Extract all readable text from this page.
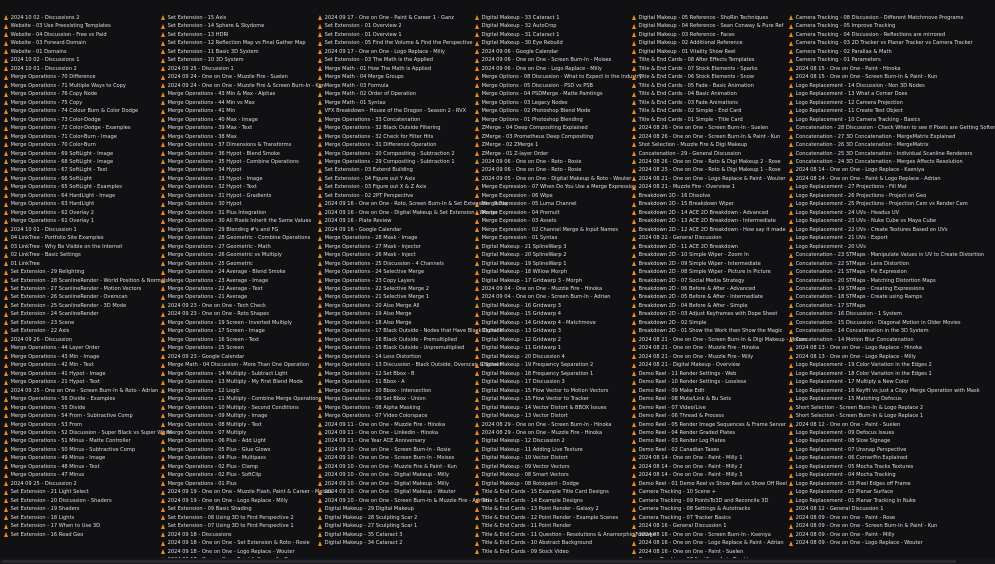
2024 10 02 - Discussions 2
Website - 03 Use Preexisting Templates
Website - 04 Discussion - Free vs Paid
Website - 03 Forward Domain
Website - 01 Domains
2024 10 02 - Discussions 1
2024 10 01 - Discussion 2
Merge Operations - 70 Difference
Merge Operations - 71 Multiple Ways to Copy
Merge Operations - 76 Copy Node
Merge Operations - 75 Copy
Merge Operations - 74 Colour Burn & Color Dodge
Merge Operations - 73 Color-Dodge
Merge Operations - 72 Color-Dodge - Examples
Merge Operations - 71 Color-Burn - Image
Merge Operations - 70 Color-Burn
Merge Operations - 69 SoftLight - Image
Merge Operations - 68 SoftLight - Image
Merge Operations - 67 SoftLight - Text
Merge Operations - 66 SoftLight
Merge Operations - 65 SoftLight - Examples
Merge Operations - 64 HardLight - Image
Merge Operations - 63 HardLight
Merge Operations - 62 Overlay 2
Merge Operations - 61 Overlay 1
2024 10 01 - Discussion 1
04 LinkTree - Portfolio Site Examples
03 LinkTree - Why Be Visible on the Internet
02 LinkTree - Basic Settings
01 LinkTree
Set Extension - 29 Relighting
Set Extension - 28 ScanlineRender - World Position & Normals
Set Extension - 27 ScanlineRender - Motion Vectors
Set Extension - 26 ScanlineRender - Overscan
Set Extension - 25 ScanlineRender - 3D Mode
Set Extension - 24 ScanlineRender
Set Extension - 23 Scene
Set Extension - 22 Axis
2024 09 26 - Discussion
Merge Operations - 44 Layer Order
Merge Operations - 43 Min - Image
Merge Operations - 42 Min - Text
Merge Operations - 41 Hypot - Image
Merge Operations - 21 Hypot - Text
2024 09 25 - One on One - Screen Burn-In & Roto - Adrian
Merge Operations - 56 Divide - Examples
Merge Operations - 55 Divide
Merge Operations - 54 From - Subtractive Comp
Merge Operations - 53 From
Merge Operations - 52 Discussion - Super Black vs Super White
Merge Operations - 51 Minus - Matte Controller
Merge Operations - 50 Minus - Subtractive Comp
Merge Operations - 49 Minus - Image
Merge Operations - 48 Minus - Text
Merge Operations - 47 Minus
2024 09 25 - Discussion 2
Set Extension - 21 Light Select
Set Extension - 20 Discussion - Shaders
Set Extension - 19 Shaders
Set Extension - 18 Lights
Set Extension - 17 When to Use 3D
Set Extension - 16 Read Geo
Set Extension - 15 Axis
Set Extension - 14 Sphere & Skydome
Set Extension - 13 HDRI
Set Extension - 12 Reflection Map vs Final Gather Map
Set Extension - 11 Basic 3D System
Set Extension - 10 3D System
2024 09 25 - Discussion 1
2024 09 24 - One on One - Muzzle Fire - Suelen
2024 09 24 - One on One - Muzzle Fire & Screen Burn-In - Kun
Merge Operations - 43 Min & Max - Alphas
Merge Operations - 44 Min vs Max
Merge Operations - 41 Min
Merge Operations - 40 Max - Image
Merge Operations - 39 Max - Text
Merge Operations - 38 Max
Merge Operations - 37 Dimensions & Transforms
Merge Operations - 36 Hypot - Blend Smoke
Merge Operations - 35 Hypot - Combine Operations
Merge Operations - 34 Hypot
Merge Operations - 33 Hypot - Image
Merge Operations - 32 Hypot - Text
Merge Operations - 31 Hypot - Gradients
Merge Operations - 30 Hypot
Merge Operations - 31 Plus Integration
Merge Operations - 30 All Pixels Inherit the Same Values
Merge Operations - 29 Blending #'s and FG
Merge Operations - 28 Geometric - Combine Operations
Merge Operations - 27 Geometric - Math
Merge Operations - 26 Geometric vs Multiply
Merge Operations - 25 Geometric
Merge Operations - 24 Average - Blend Smoke
Merge Operations - 23 Average - Image
Merge Operations - 22 Average - Text
Merge Operations - 21 Average
2024 09 23 - One on One - Tech Check
2024 09 23 - One on One - Roto Shapes
Merge Operations - 19 Screen - Inverted Multiply
Merge Operations - 17 Screen - Image
Merge Operations - 16 Screen - Text
Merge Operations - 15 Screen
2024 09 23 - Google Calendar
Merge Math - 04 Discussion - More Than One Operation
Merge Operations - 14 Multiply - Subtract Light
Merge Operations - 13 Multiply - My First Blend Mode
Merge Operations - 12 Logic
Merge Operations - 11 Multiply - Combine Merge Operations
Merge Operations - 10 Multiply - Second Conditions
Merge Operations - 09 Multiply - Image
Merge Operations - 08 Multiply - Text
Merge Operations - 07 Multiply
Merge Operations - 06 Plus - Add Light
Merge Operations - 05 Plus - Glue Glows
Merge Operations - 04 Plus - Multipass
Merge Operations - 02 Plus - Clamp
Merge Operations - 02 Plus - SoftClip
Merge Operations - 01 Plus
2024 09 19 - One on One - Muzzle Flash, Paint & Career - Moises
2024 09 19 - One on One - Logo Replace - Milly
Set Extension - 09 Basic Shading
Set Extension - 08 Using 3D to Find Perspective 2
Set Extension - 07 Using 3D to Find Perspective 1
2024 09 18 - Discussions
2024 09 18 - One on One - Set Extension & Roto - Rosie
2024 09 18 - One on One - Logo Replace - Wouter
2024 09 17 - One on One - Paint & Career 1 - Ganz
Set Extension - 01 Overview 2
Set Extension - 01 Overview 1
Set Extension - 05 Find the Volume & Find the Perspective
2024 09 17 - One on One - Logo Replace - Milly
Set Extension - 03 The Math is the Applied
Merge Math - 01 How The Math is Applied
Merge Math - 04 Merge Groups
Merge Math - 03 Formula
Merge Math - 02 Order of Operation
Merge Math - 01 Syntax
VFX Breakdown - House of the Dragon - Season 2 - RVX
Merge Operations - 33 Concatenation
Merge Operations - 32 Black Outside Filtering
Merge Operations - 32 Check for Filter Hits
Merge Operations - 31 Difference Operation
Merge Operations - 20 Compositing - Subtraction 2
Merge Operations - 29 Compositing - Subtraction 1
Set Extension - 03 Extend Building
Set Extension - 04 Figure out Y Axis
Set Extension - 03 Figure out X & Z Axis
Set Extension - 02 2PT Perspective
2024 09 16 - One on One - Roto, Screen Burn-In & Set Extension - Rosie
2024 09 16 - One on One - Digital Makeup & Set Extension - Wouter
2024 09 16 - Plate Review
2024 09 16 - Google Calendar
Merge Operations - 28 Mask - Image
Merge Operations - 27 Mask - Injector
Merge Operations - 26 Mask - Inject
Merge Operations - 25 Discussion - 4 Channels
Merge Operations - 24 Selective Merge
Merge Operations - 23 Copy Layers
Merge Operations - 22 Selective Merge 2
Merge Operations - 21 Selective Merge 1
Merge Operations - 20 Also Merge All
Merge Operations - 19 Also Merge
Merge Operations - 18 Also Merge
Merge Operations - 17 Black Outside - Nodes that Have Black Outside
Merge Operations - 16 Black Outside - Premultiplied
Merge Operations - 15 Black Outside - Unpremultiplied
Merge Operations - 14 Less Distortion
Merge Operations - 13 Discussion - Black Outside, Overscan & Screen
Merge Operations - 12 Set Bbox - B
Merge Operations - 11 Bbox - A
Merge Operations - 10 Bbox - Intersection
Merge Operations - 09 Set Bbox - Union
Merge Operations - 08 Alpha Masking
Merge Operations - 07 Video Colorspace
2024 09 11 - One on One - Muzzle Fire - Hinoka
2024 09 11 - One on One - Linkedin - Hinoka
2024 09 11 - One Year ACE Anniversary
2024 09 10 - One on One - Screen Burn-In - Rosie
2024 09 10 - One on One - Screen Burn-In - Moises
2024 09 10 - One on One - Muzzle Fire & Paint - Kun
2024 09 10 - One on One - Digital Makeup - Milly
2024 09 10 - One on One - Digital Makeup - Milly
2024 09 10 - One on One - Digital Makeup - Wouter
2024 09 10 - One on One - Screen Burn-In & Muzzle Fire - Adrian
Digital Makeup - 29 Digital Makeup
Digital Makeup - 28 Sculpting Scar 2
Digital Makeup - 27 Sculpting Scar 1
Digital Makeup - 35 Cataract 3
Digital Makeup - 34 Cataract 2
Digital Makeup - 33 Cataract 1
Digital Makeup - 32 AutoCrop
Digital Makeup - 31 Cataract 1
Digital Makeup - 30 Eye Rebuild
2024 09 06 - Google Calendar
2024 09 06 - One on One - Screen Burn-In - Moises
2024 09 06 - One on One - Logo Replace - Milly
Merge Options - 08 Discussion - What to Expect in the Industry
Merge Options - 05 Discussion - PSD vs PSB
Merge Options - 04 PSDMerge - Matte Paintings
Merge Options - 03 Legacy Nodes
Merge Options - 02 Photoshop Blend Mode
Merge Options - 01 Photoshop Blending
ZMerge - 04 Deep Compositing Explained
ZMerge - 03 Prometheus Deep Compositing
ZMerge - 02 ZMerge 1
ZMerge - 01 Z-layer Order
2024 09 06 - One on One - Roto - Rosie
2024 09 06 - One on One - Roto - Rosie
2024 09 05 - One on One - Digital Makeup & Roto - Wouter
Merge Expression - 07 When Do You Use a Merge Expression
Merge Expression - 06 Wipe
Merge Expression - 05 Luma Channel
Merge Expression - 04 Premult
Merge Expression - 03 Assets
Merge Expression - 02 Channel Merge & Input Names
Merge Expression - 01 Syntax
Digital Makeup - 21 SplineWarp 3
Digital Makeup - 20 SplineWarp 2
Digital Makeup - 19 SplineWarp 1
Digital Makeup - 18 Willow Morph
Digital Makeup - 17 Gridwarp 3 - Morph
2024 09 04 - One on One - Muzzle Fire - Hinoka
2024 09 04 - One on One - Screen Burn-In - Adrian
Digital Makeup - 16 Gridwarp 3
Digital Makeup - 15 Gridwarp 4
Digital Makeup - 14 Gridwarp 4 - Matchmove
Digital Makeup - 13 Gridwarp 3
Digital Makeup - 12 Gridwarp 2
Digital Makeup - 11 Gridwarp 1
Digital Makeup - 20 Discussion 4
Digital Makeup - 19 Frequency Separation 2
Digital Makeup - 18 Frequency Separation 1
Digital Makeup - 17 Discussion 3
Digital Makeup - 15 Flow Vector to Motion Vectors
Digital Makeup - 15 Flow Vector to Tracker
Digital Makeup - 14 Vector Distort & BBOX Issues
Digital Makeup - 13 Vector Distort
2024 08 29 - One on One - Screen Burn-In - Hinoka
2024 08 29 - One on One - Muzzle Fire - Hinoka
Digital Makeup - 12 Discussion 2
Digital Makeup - 11 Adding Live Texture
Digital Makeup - 10 Vector Distort
Digital Makeup - 09 Vector Vectors
Digital Makeup - 08 Smart Vectors
Digital Makeup - 08 Rotopaint - Dodge
Title & End Cards - 15 Example Title Card Designs
Title & End Cards - 14 Example Designs
Title & End Cards - 13 Point Render - Galaxy 2
Title & End Cards - 12 Point Render - Example Scenes
Title & End Cards - 11 Point Render
Title & End Cards - 11 Question - Resolutions & Anamorphic Footage
Title & End Cards - 10 Abstract Background
Title & End Cards - 09 Stock Video
Digital Makeup - 05 Reference - ShoRin Techniques
Digital Makeup - 04 Reference - Sean Conway & Pure Ref
Digital Makeup - 03 Reference - Faces
Digital Makeup - 02 Additional Reference
Digital Makeup - 01 Vitality Show Reel
Title & End Cards - 08 After Effects Templates
Title & End Cards - 07 Stock Elements - Sparks
Title & End Cards - 06 Stock Elements - Snow
Title & End Cards - 05 Fade - Basic Animation
Title & End Cards - 04 Basic Animation
Title & End Cards - 03 Fade Animations
Title & End Cards - 02 Simple - End Card
Title & End Cards - 01 Simple - Title Card
2024 08 26 - One on One - Screen Burn-In - Suelen
2024 08 26 - One on One - Screen Burn-In & Paint - Kun
Shot Selection - Muzzle Fire & Digi Makeup
Concatenation - 29 - General Discussion
2024 08 26 - One on One - Roto & Digi Makeup 2 - Rose
2024 08 25 - One on One - Roto & Digi Makeup 1 - Rose
2024 08 21 - One on One - Logo Replace & Paint - Wouter
2024 08 21 - Muzzle Fire - Overview 1
Breakdown 2D - 16 Dissolve
Breakdown 2D - 15 Breakdown Wiper
Breakdown 2D - 14 ACE 2D Breakdown - Advanced
Breakdown 2D - 13 ACE 2D Breakdown - Intermediate
Breakdown 2D - 12 ACE 2D Breakdown - How say it made
2024 08 22 - General Discussion
Breakdown 2D - 11 ACE 2D Breakdown
Breakdown 2D - 10 Simple Wiper - Zoom In
Breakdown 2D - 09 Simple Wiper - Intermediate
Breakdown 2D - 08 Simple Wiper - Picture in Picture
Breakdown 2D - 07 Social Media Strategy
Breakdown 2D - 06 Before & After - Advanced
Breakdown 2D - 05 Before & After - Intermediate
Breakdown 2D - 04 Before & After - Simple
Breakdown 2D - 03 Adjust Keyframes with Dope Sheet
Breakdown 2D - 02 Simple
Breakdown 2D - 01 Show the Work then Show the Magic
2024 08 21 - One on One - Screen Burn-In & Digi Makeup - Moises
2024 08 21 - One on One - Muzzle Fire - Hinoka
2024 08 21 - One on One - Muzzle Fire - Milly
2024 08 21 - Digital Makeup - Overview
Demo Reel - 11 Render Settings - Web
Demo Reel - 10 Render Settings - Lossless
Demo Reel - 09 Make Edit
Demo Reel - 08 Mute/Link & Bu Sets
Demo Reel - 07 Video/Live
Demo Reel - 06 Thread & Process
Demo Reel - 05 Render Image Sequences & Frame Server
Demo Reel - 04 Render Graded Plates
Demo Reel - 03 Render Log Plates
Demo Reel - 02 Canadian Taxes
2024 08 14 - One on One - Paint - Milly 1
2024 08 14 - One on One - Paint - Milly 2
2024 08 14 - One on One - Paint - Milly 3
Demo Reel - 01 Demo Reel vs Show Reel vs Show Off Reel
Camera Tracking - 10 Scene +
Camera Tracking - 09 PointsTo3D and Reconcile 3D
Camera Tracking - 08 Settings & Autotracks
Camera Tracking - 07 Tracker Basics
2024 08 16 - General Discussion 1
2024 08 16 - One on One - Screen Burn-In - Kseniya
2024 08 16 - One on One - Logo Replace & Paint - Adrian
2024 08 16 - One on One - Paint - Suelen
Camera Tracking - 08 Discussion - Different Matchmove Programs
Camera Tracking - 05 Improve Tracking
Camera Tracking - 04 Discussion - Reflections are mirrored
Camera Tracking - 03 2D Tracker vs Planar Tracker vs Camera Tracker
Camera Tracking - 02 Parallax & Math
Camera Tracking - 01 Parameters
2024 08 15 - One on One - Paint - Hinoka
2024 08 15 - One on One - Screen Burn-In & Paint - Kun
Logo Replacement - 14 Discussion - Non 3D Nodes
Logo Replacement - 13 What a Corner Does
Logo Replacement - 12 Camera Projection
Logo Replacement - 11 Create Test Object
Logo Replacement - 10 Camera Tracking - Basics
Concatenation - 28 Discussion - Check When to see if Pixels are Getting Softer
Concatenation - 27 3D Concatenation - MergeMatrix Explained
Concatenation - 26 3D Concatenation - MergeMatrix
Concatenation - 25 3D Concatenation - Individual Scanline Renderers
Concatenation - 24 3D Concatenation - Merges Affects Resolution
2024 08 14 - One on One - Logo Replace - Kseniya
2024 08 14 - One on One - Paint & Logo Replace - Adrian
Logo Replacement - 27 Projections - Fill Mat
Logo Replacement - 26 Projections - Project on Geo
Logo Replacement - 25 Projections - Projection Cam vs Render Cam
Logo Replacement - 24 UVs - Headus UV
Logo Replacement - 23 UVs - Nuke Cube vs Maya Cube
Logo Replacement - 22 UVs - Create Textures Based on UVs
Logo Replacement - 21 UVs - Export
Logo Replacement - 20 UVs
Concatenation - 23 STMaps - Manipulate Values in UV to Create Distortion
Concatenation - 22 STMaps - Lens Distortion
Concatenation - 21 STMaps - Fix Expression
Concatenation - 20 STMaps - Matching Distortion Maps
Concatenation - 19 STMaps - Creating Expressions
Concatenation - 18 STMaps - Create using Ramps
Concatenation - 17 STMaps
Concatenation - 16 Discussion - 1 System
Concatenation - 15 Discussion - Diagonal Motion in Older Movies
Concatenation - 14 Concatenation in the 3D System
Concatenation - 14 Motion Blur Concatenation
2024 08 13 - One on One - Logo Replace - Hinoka
2024 08 13 - One on One - Logo Replace - Milly
Logo Replacement - 19 Color Variation in the Edges 2
Logo Replacement - 18 Color Variation in the Edges 1
Logo Replacement - 17 Multiply a New Color
Logo Replacement - 16 Keyfit vs just a Copy Merge Operation with Mask
Logo Replacement - 15 Matching Defocus
Short Selection - Screen Burn-In & Logo Replace 2
Short Selection - Screen Burn-In & Logo Replace 1
2024 08 12 - One on One - Paint - Suelen
Logo Replacement - 09 Defocus Issues
Logo Replacement - 08 Slow Signage
Logo Replacement - 07 Unsnap Perspective
Logo Replacement - 06 CornerPin Explained
Logo Replacement - 05 Mocha Tracks Textures
Logo Replacement - 04 Mocha Tracking
Logo Replacement - 03 Pixel Edges off Frame
Logo Replacement - 02 Planar Surface
Logo Replacement - 01 Planar Tracking in Nuke
2024 08 12 - General Discussion 1
2024 08 09 - One on One - Paint - Rose
2024 08 09 - One on One - Screen Burn-In & Paint - Kun
2024 08 09 - One on One - Paint - Milly
2024 08 09 - One on One - Logo Replace - Wouter
